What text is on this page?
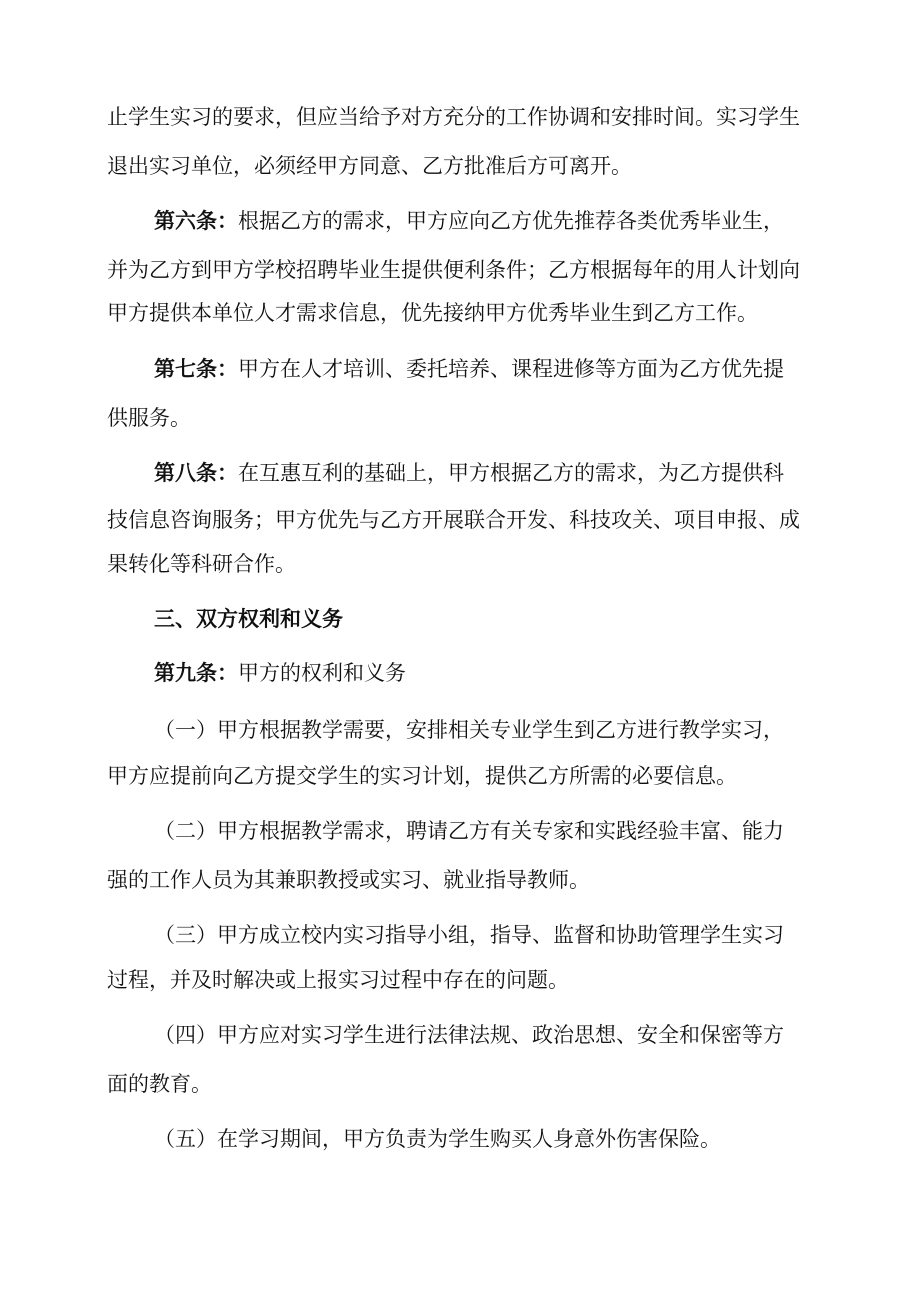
止学生实习的要求，但应当给予对方充分的工作协调和安排时间。实习学生
退出实习单位，必须经甲方同意、乙方批准后方可离开。
第六条：根据乙方的需求，甲方应向乙方优先推荐各类优秀毕业生，
并为乙方到甲方学校招聘毕业生提供便利条件；乙方根据每年的用人计划向
甲方提供本单位人才需求信息，优先接纳甲方优秀毕业生到乙方工作。
第七条：甲方在人才培训、委托培养、课程进修等方面为乙方优先提
供服务。
第八条：在互惠互利的基础上，甲方根据乙方的需求，为乙方提供科
技信息咨询服务；甲方优先与乙方开展联合开发、科技攻关、项目申报、成
果转化等科研合作。
三、双方权利和义务
第九条：甲方的权利和义务
（一）甲方根据教学需要，安排相关专业学生到乙方进行教学实习，
甲方应提前向乙方提交学生的实习计划，提供乙方所需的必要信息。
（二）甲方根据教学需求，聘请乙方有关专家和实践经验丰富、能力
强的工作人员为其兼职教授或实习、就业指导教师。
（三）甲方成立校内实习指导小组，指导、监督和协助管理学生实习
过程，并及时解决或上报实习过程中存在的问题。
（四）甲方应对实习学生进行法律法规、政治思想、安全和保密等方
面的教育。
（五）在学习期间，甲方负责为学生购买人身意外伤害保险。
